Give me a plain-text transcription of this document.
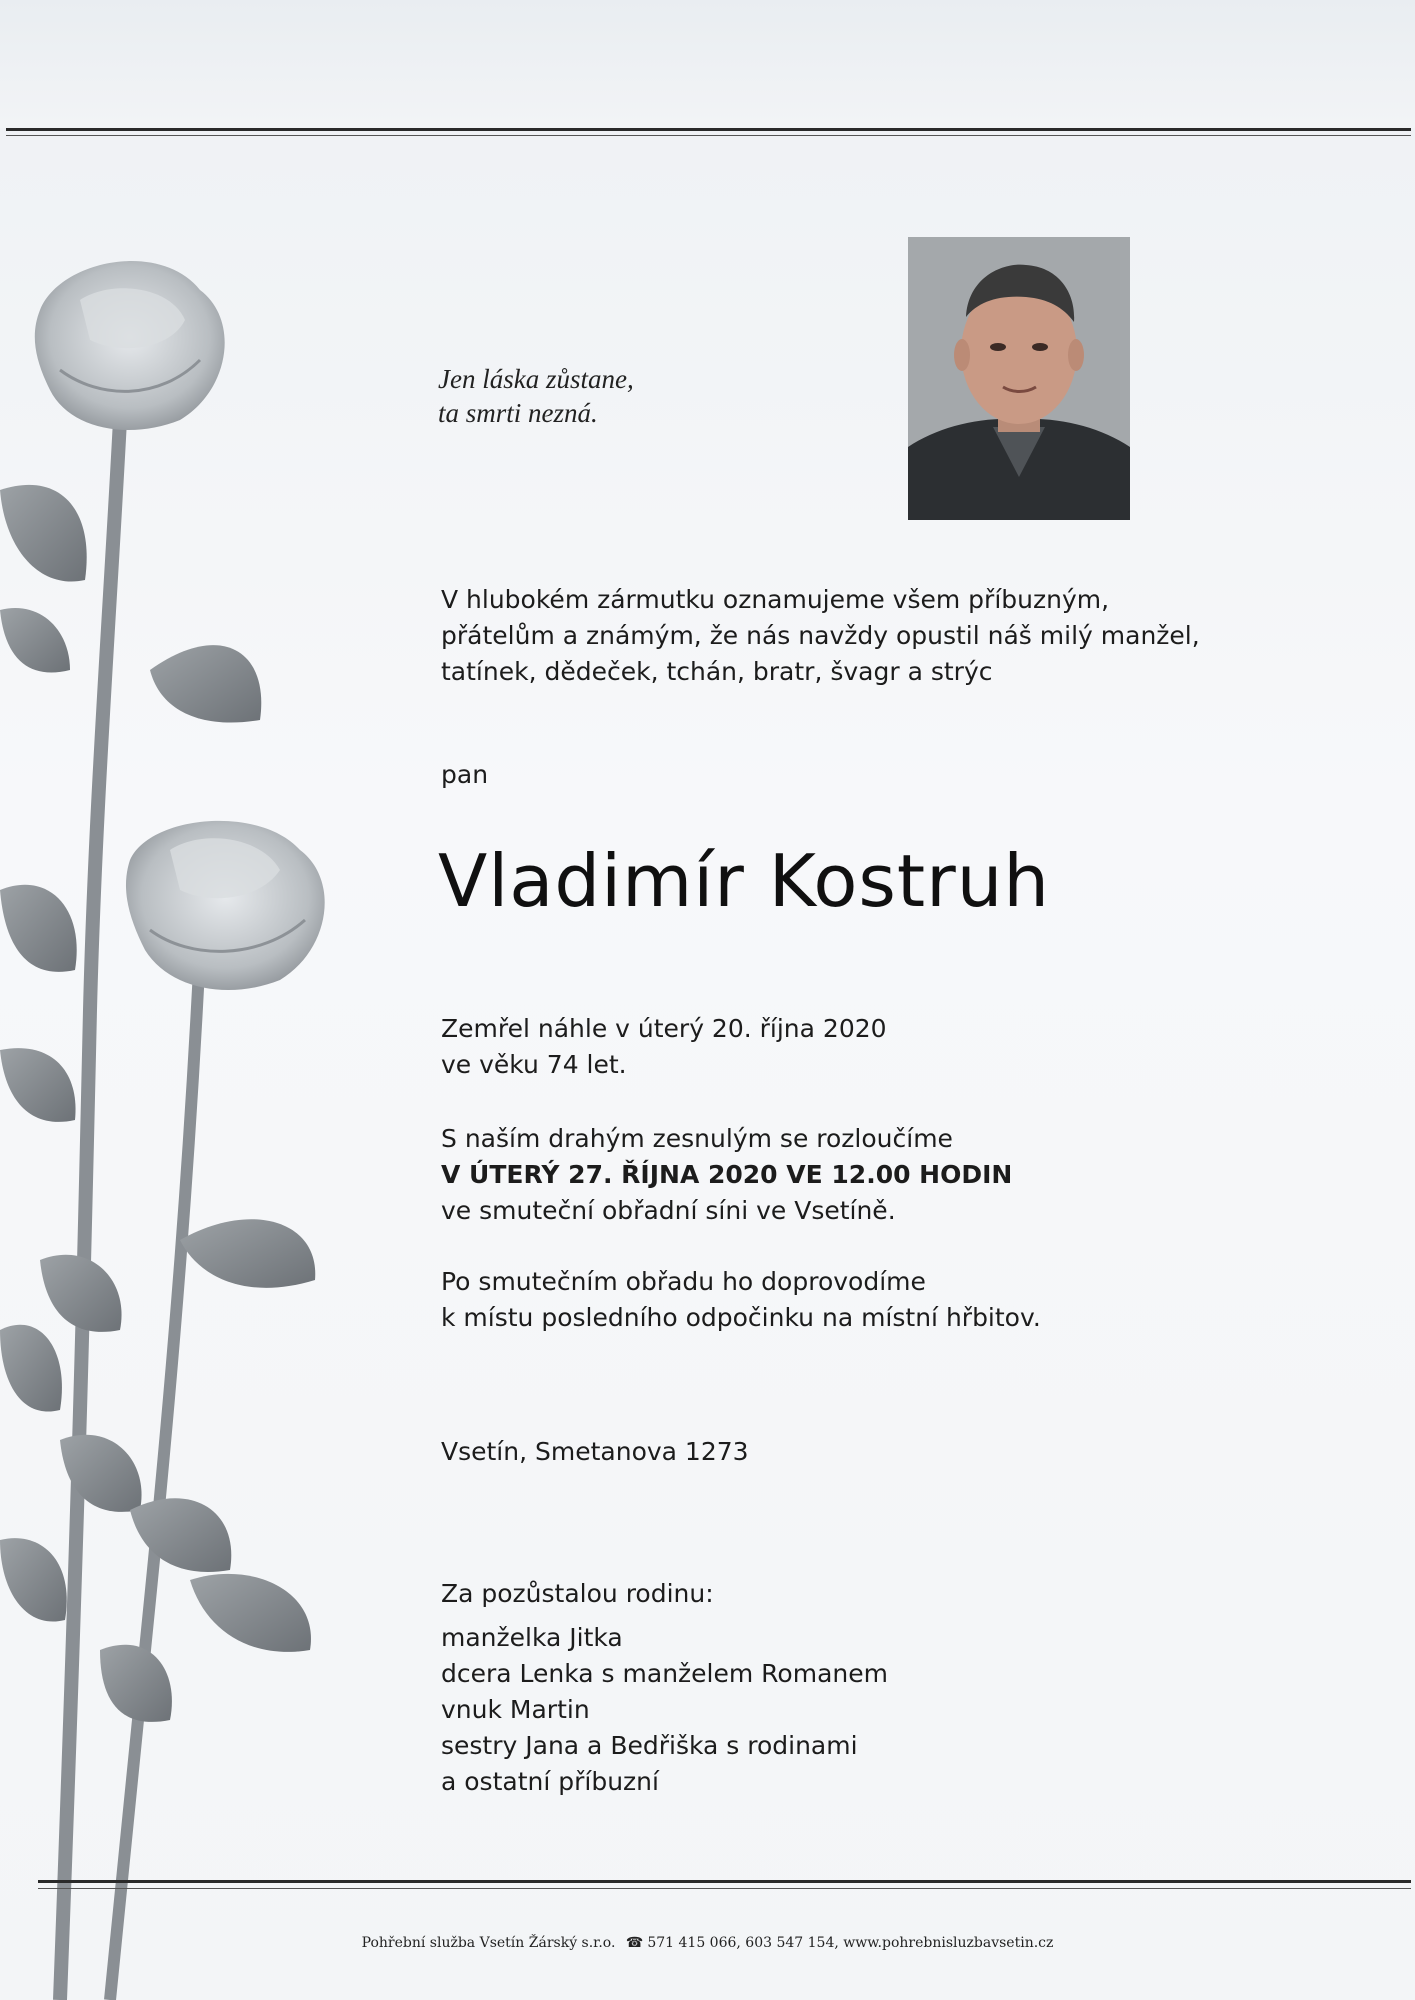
Jen láska zůstane,
ta smrti nezná.
V hlubokém zármutku oznamujeme všem příbuzným,
přátelům a známým, že nás navždy opustil náš milý manžel,
tatínek, dědeček, tchán, bratr, švagr a strýc
pan
Vladimír Kostruh
Zemřel náhle v úterý 20. října 2020
ve věku 74 let.
S naším drahým zesnulým se rozloučíme
V ÚTERÝ 27. ŘÍJNA 2020 VE 12.00 HODIN
ve smuteční obřadní síni ve Vsetíně.
Po smutečním obřadu ho doprovodíme
k místu posledního odpočinku na místní hřbitov.
Vsetín, Smetanova 1273
Za pozůstalou rodinu:
manželka Jitka
dcera Lenka s manželem Romanem
vnuk Martin
sestry Jana a Bedřiška s rodinami
a ostatní příbuzní
Pohřební služba Vsetín Žárský s.r.o. ☎ 571 415 066, 603 547 154, www.pohrebnisluzbavsetin.cz
